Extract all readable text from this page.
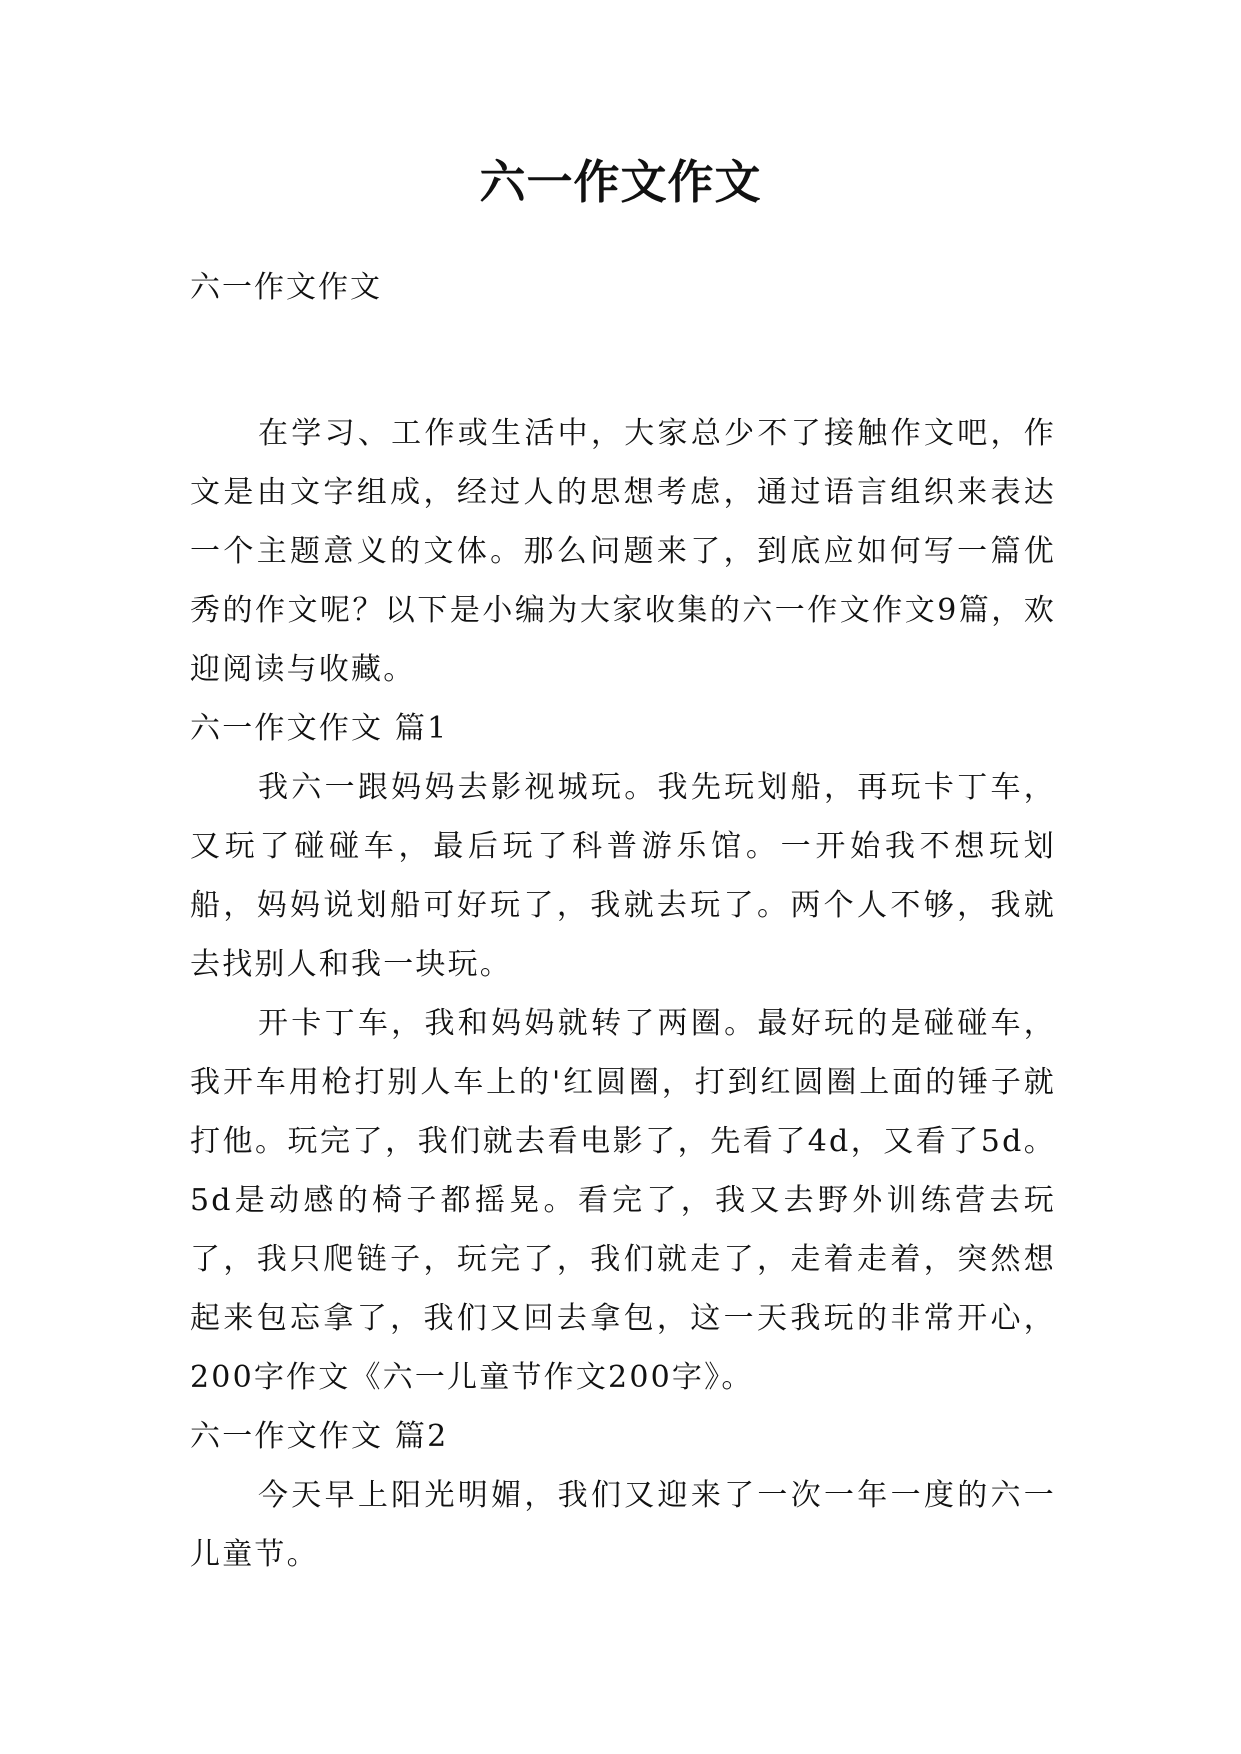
六一作文作文
六一作文作文

在学习、工作或生活中，大家总少不了接触作文吧，作文是由文字组成，经过人的思想考虑，通过语言组织来表达一个主题意义的文体。那么问题来了，到底应如何写一篇优秀的作文呢？以下是小编为大家收集的六一作文作文9篇，欢迎阅读与收藏。

六一作文作文 篇1

我六一跟妈妈去影视城玩。我先玩划船，再玩卡丁车，又玩了碰碰车，最后玩了科普游乐馆。一开始我不想玩划船，妈妈说划船可好玩了，我就去玩了。两个人不够，我就去找别人和我一块玩。

开卡丁车，我和妈妈就转了两圈。最好玩的是碰碰车，我开车用枪打别人车上的'红圆圈，打到红圆圈上面的锤子就打他。玩完了，我们就去看电影了，先看了4d，又看了5d。5d是动感的椅子都摇晃。看完了，我又去野外训练营去玩了，我只爬链子，玩完了，我们就走了，走着走着，突然想起来包忘拿了，我们又回去拿包，这一天我玩的非常开心，200字作文《六一儿童节作文200字》。

六一作文作文 篇2

今天早上阳光明媚，我们又迎来了一次一年一度的六一儿童节。
